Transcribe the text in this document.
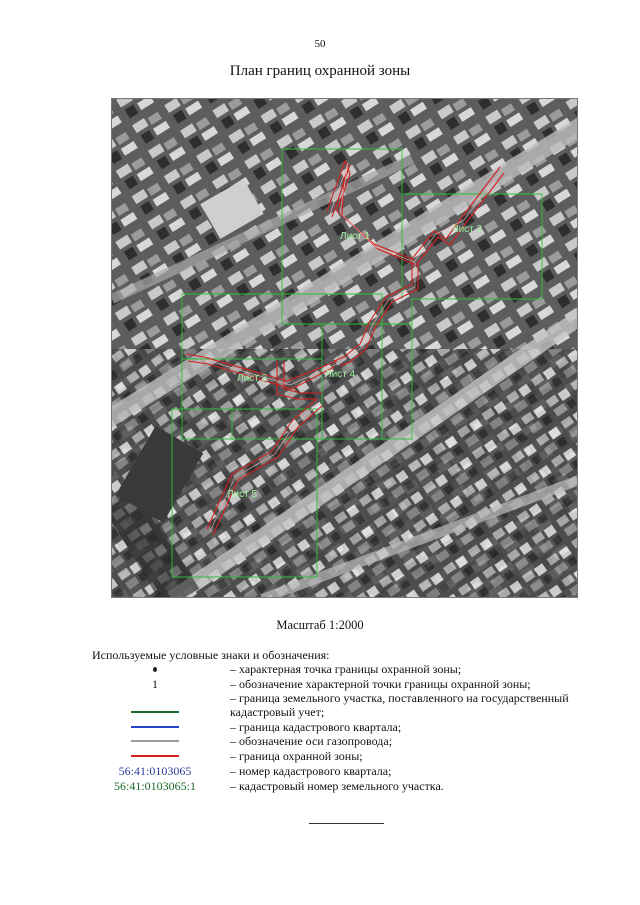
50
План границ охранной зоны
Лист 1
Лист 2
Лист 3	Лист 4
Лист 5
Масштаб 1:2000
Используемые условные знаки и обозначения:
– характерная точка границы охранной зоны;
1	– обозначение характерной точки границы охранной зоны;
– граница земельного участка, поставленного на государственный кадастровый учет;
– граница кадастрового квартала;
– обозначение оси газопровода;
– граница охранной зоны;
56:41:0103065	– номер кадастрового квартала;
56:41:0103065:1	– кадастровый номер земельного участка.
